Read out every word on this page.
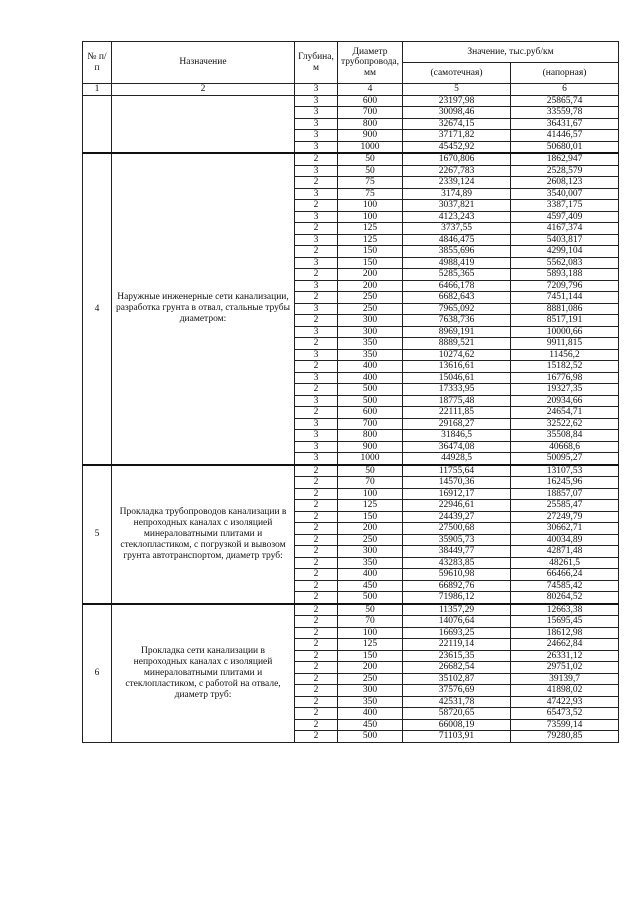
№ п/п	Назначение	Глубина, м	Диаметр трубопровода, мм	Значение, тыс.руб/км	
				(самотечная)	(напорная)
1	2	3	4	5	6
		3	600	23197,98	25865,74
		3	700	30098,46	33559,78
		3	800	32674,15	36431,67
		3	900	37171,82	41446,57
		3	1000	45452,92	50680,01
4	Наружные инженерные сети канализации, разработка грунта в отвал, стальные трубы диаметром:	2	50	1670,806	1862,947
		3	50	2267,783	2528,579
		2	75	2339,124	2608,123
		3	75	3174,89	3540,007
		2	100	3037,821	3387,175
		3	100	4123,243	4597,409
		2	125	3737,55	4167,374
		3	125	4846,475	5403,817
		2	150	3855,696	4299,104
		3	150	4988,419	5562,083
		2	200	5285,365	5893,188
		3	200	6466,178	7209,796
		2	250	6682,643	7451,144
		3	250	7965,092	8881,086
		2	300	7638,736	8517,191
		3	300	8969,191	10000,66
		2	350	8889,521	9911,815
		3	350	10274,62	11456,2
		2	400	13616,61	15182,52
		3	400	15046,61	16776,98
		2	500	17333,95	19327,35
		3	500	18775,48	20934,66
		2	600	22111,85	24654,71
		3	700	29168,27	32522,62
		3	800	31846,5	35508,84
		3	900	36474,08	40668,6
		3	1000	44928,5	50095,27
5	Прокладка трубопроводов канализации в непроходных каналах с изоляцией минераловатными плитами и стеклопластиком, с погрузкой и вывозом грунта автотранспортом, диаметр труб:	2	50	11755,64	13107,53
		2	70	14570,36	16245,96
		2	100	16912,17	18857,07
		2	125	22946,61	25585,47
		2	150	24439,27	27249,79
		2	200	27500,68	30662,71
		2	250	35905,73	40034,89
		2	300	38449,77	42871,48
		2	350	43283,85	48261,5
		2	400	59610,98	66466,24
		2	450	66892,76	74585,42
		2	500	71986,12	80264,52
6	Прокладка сети канализации в непроходных каналах с изоляцией минераловатными плитами и стеклопластиком, с работой на отвале, диаметр труб:	2	50	11357,29	12663,38
		2	70	14076,64	15695,45
		2	100	16693,25	18612,98
		2	125	22119,14	24662,84
		2	150	23615,35	26331,12
		2	200	26682,54	29751,02
		2	250	35102,87	39139,7
		2	300	37576,69	41898,02
		2	350	42531,78	47422,93
		2	400	58720,65	65473,52
		2	450	66008,19	73599,14
		2	500	71103,91	79280,85
